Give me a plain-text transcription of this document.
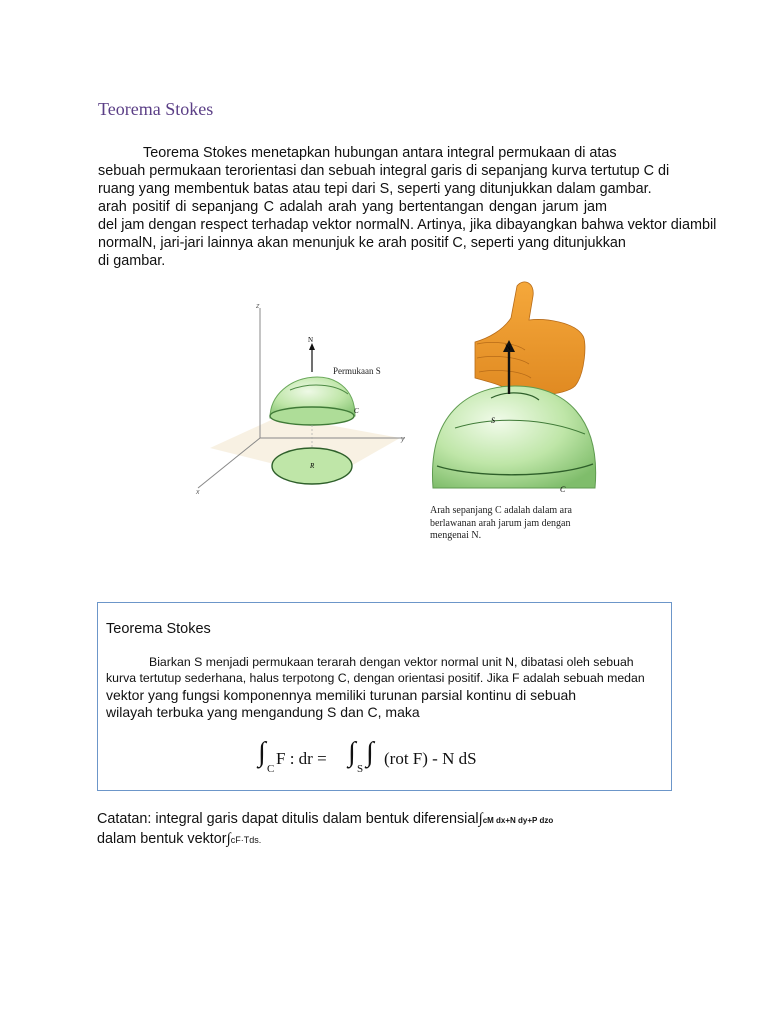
Teorema Stokes
Teorema Stokes menetapkan hubungan antara integral permukaan di atas
sebuah permukaan terorientasi dan sebuah integral garis di sepanjang kurva tertutup C di
ruang yang membentuk batas atau tepi dari S, seperti yang ditunjukkan dalam gambar.
arah positif di sepanjang C adalah arah yang bertentangan dengan jarum jam
del jam dengan respect terhadap vektor normalN. Artinya, jika dibayangkan bahwa vektor diambil
normalN, jari-jari lainnya akan menunjuk ke arah positif C, seperti yang ditunjukkan
di gambar.
z
y
x
N
C
R
Permukaan S
N
S
C
Arah sepanjang C adalah dalam ara
berlawanan arah jarum jam dengan
mengenai N.
Teorema Stokes
Biarkan S menjadi permukaan terarah dengan vektor normal unit N, dibatasi oleh sebuah
kurva tertutup sederhana, halus terpotong C, dengan orientasi positif. Jika F adalah sebuah medan
vektor yang fungsi komponennya memiliki turunan parsial kontinu di sebuah
wilayah terbuka yang mengandung S dan C, maka
∫
C
F : dr = ∫
S
∫ (rot F) - N dS
Catatan: integral garis dapat ditulis dalam bentuk diferensial∫cM dx+N dy+P dzo
dalam bentuk vektor∫cF·Tds.
